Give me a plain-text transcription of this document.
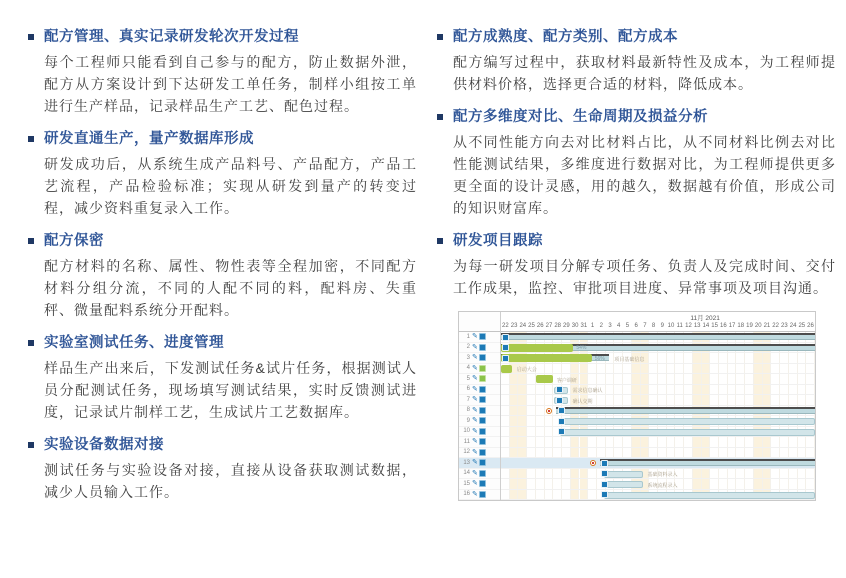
配方管理、真实记录研发轮次开发过程

每个工程师只能看到自己参与的配方，防止数据外泄，配方从方案设计到下达研发工单任务，制样小组按工单进行生产样品，记录样品生产工艺、配色过程。

研发直通生产，量产数据库形成

研发成功后，从系统生成产品料号、产品配方，产品工艺流程，产品检验标准；实现从研发到量产的转变过程，减少资料重复录入工作。

配方保密

配方材料的名称、属性、物性表等全程加密，不同配方材料分组分流，不同的人配不同的料，配料房、失重秤、微量配料系统分开配料。

实验室测试任务、进度管理

样品生产出来后，下发测试任务&试片任务，根据测试人员分配测试任务，现场填写测试结果，实时反馈测试进度，记录试片制样工艺，生成试片工艺数据库。

实验设备数据对接

测试任务与实验设备对接，直接从设备获取测试数据，减少人员输入工作。

配方成熟度、配方类别、配方成本

配方编写过程中，获取材料最新特性及成本，为工程师提供材料价格，选择更合适的材料，降低成本。

配方多维度对比、生命周期及损益分析

从不同性能方向去对比材料占比，从不同材料比例去对比性能测试结果，多维度进行数据对比，为工程师提供更多更全面的设计灵感，用的越久，数据越有价值，形成公司的知识财富库。

研发项目跟踪

为每一研发项目分解专项任务、负责人及完成时间、交付工作成果，监控、审批项目进度、异常事项及项目沟通。

1 ✎
2 ✎
3 ✎
4 ✎
5 ✎
6 ✎
7 ✎
8 ✎
9 ✎
10 ✎
11 ✎
12 ✎
13 ✎
14 ✎
15 ✎
16 ✎
11月 2021
22 23 24 25 26 27 28 29 30 31 1 2 3 4 5 6 7 8 9 10 11 12 13 14 15 16 17 18 19 20 21 22 23 24 25 26
54%
56% 项目基础信息
启动大会
客户调研
需求信息确认
确认交期
基础资料录入
系统流程录入
